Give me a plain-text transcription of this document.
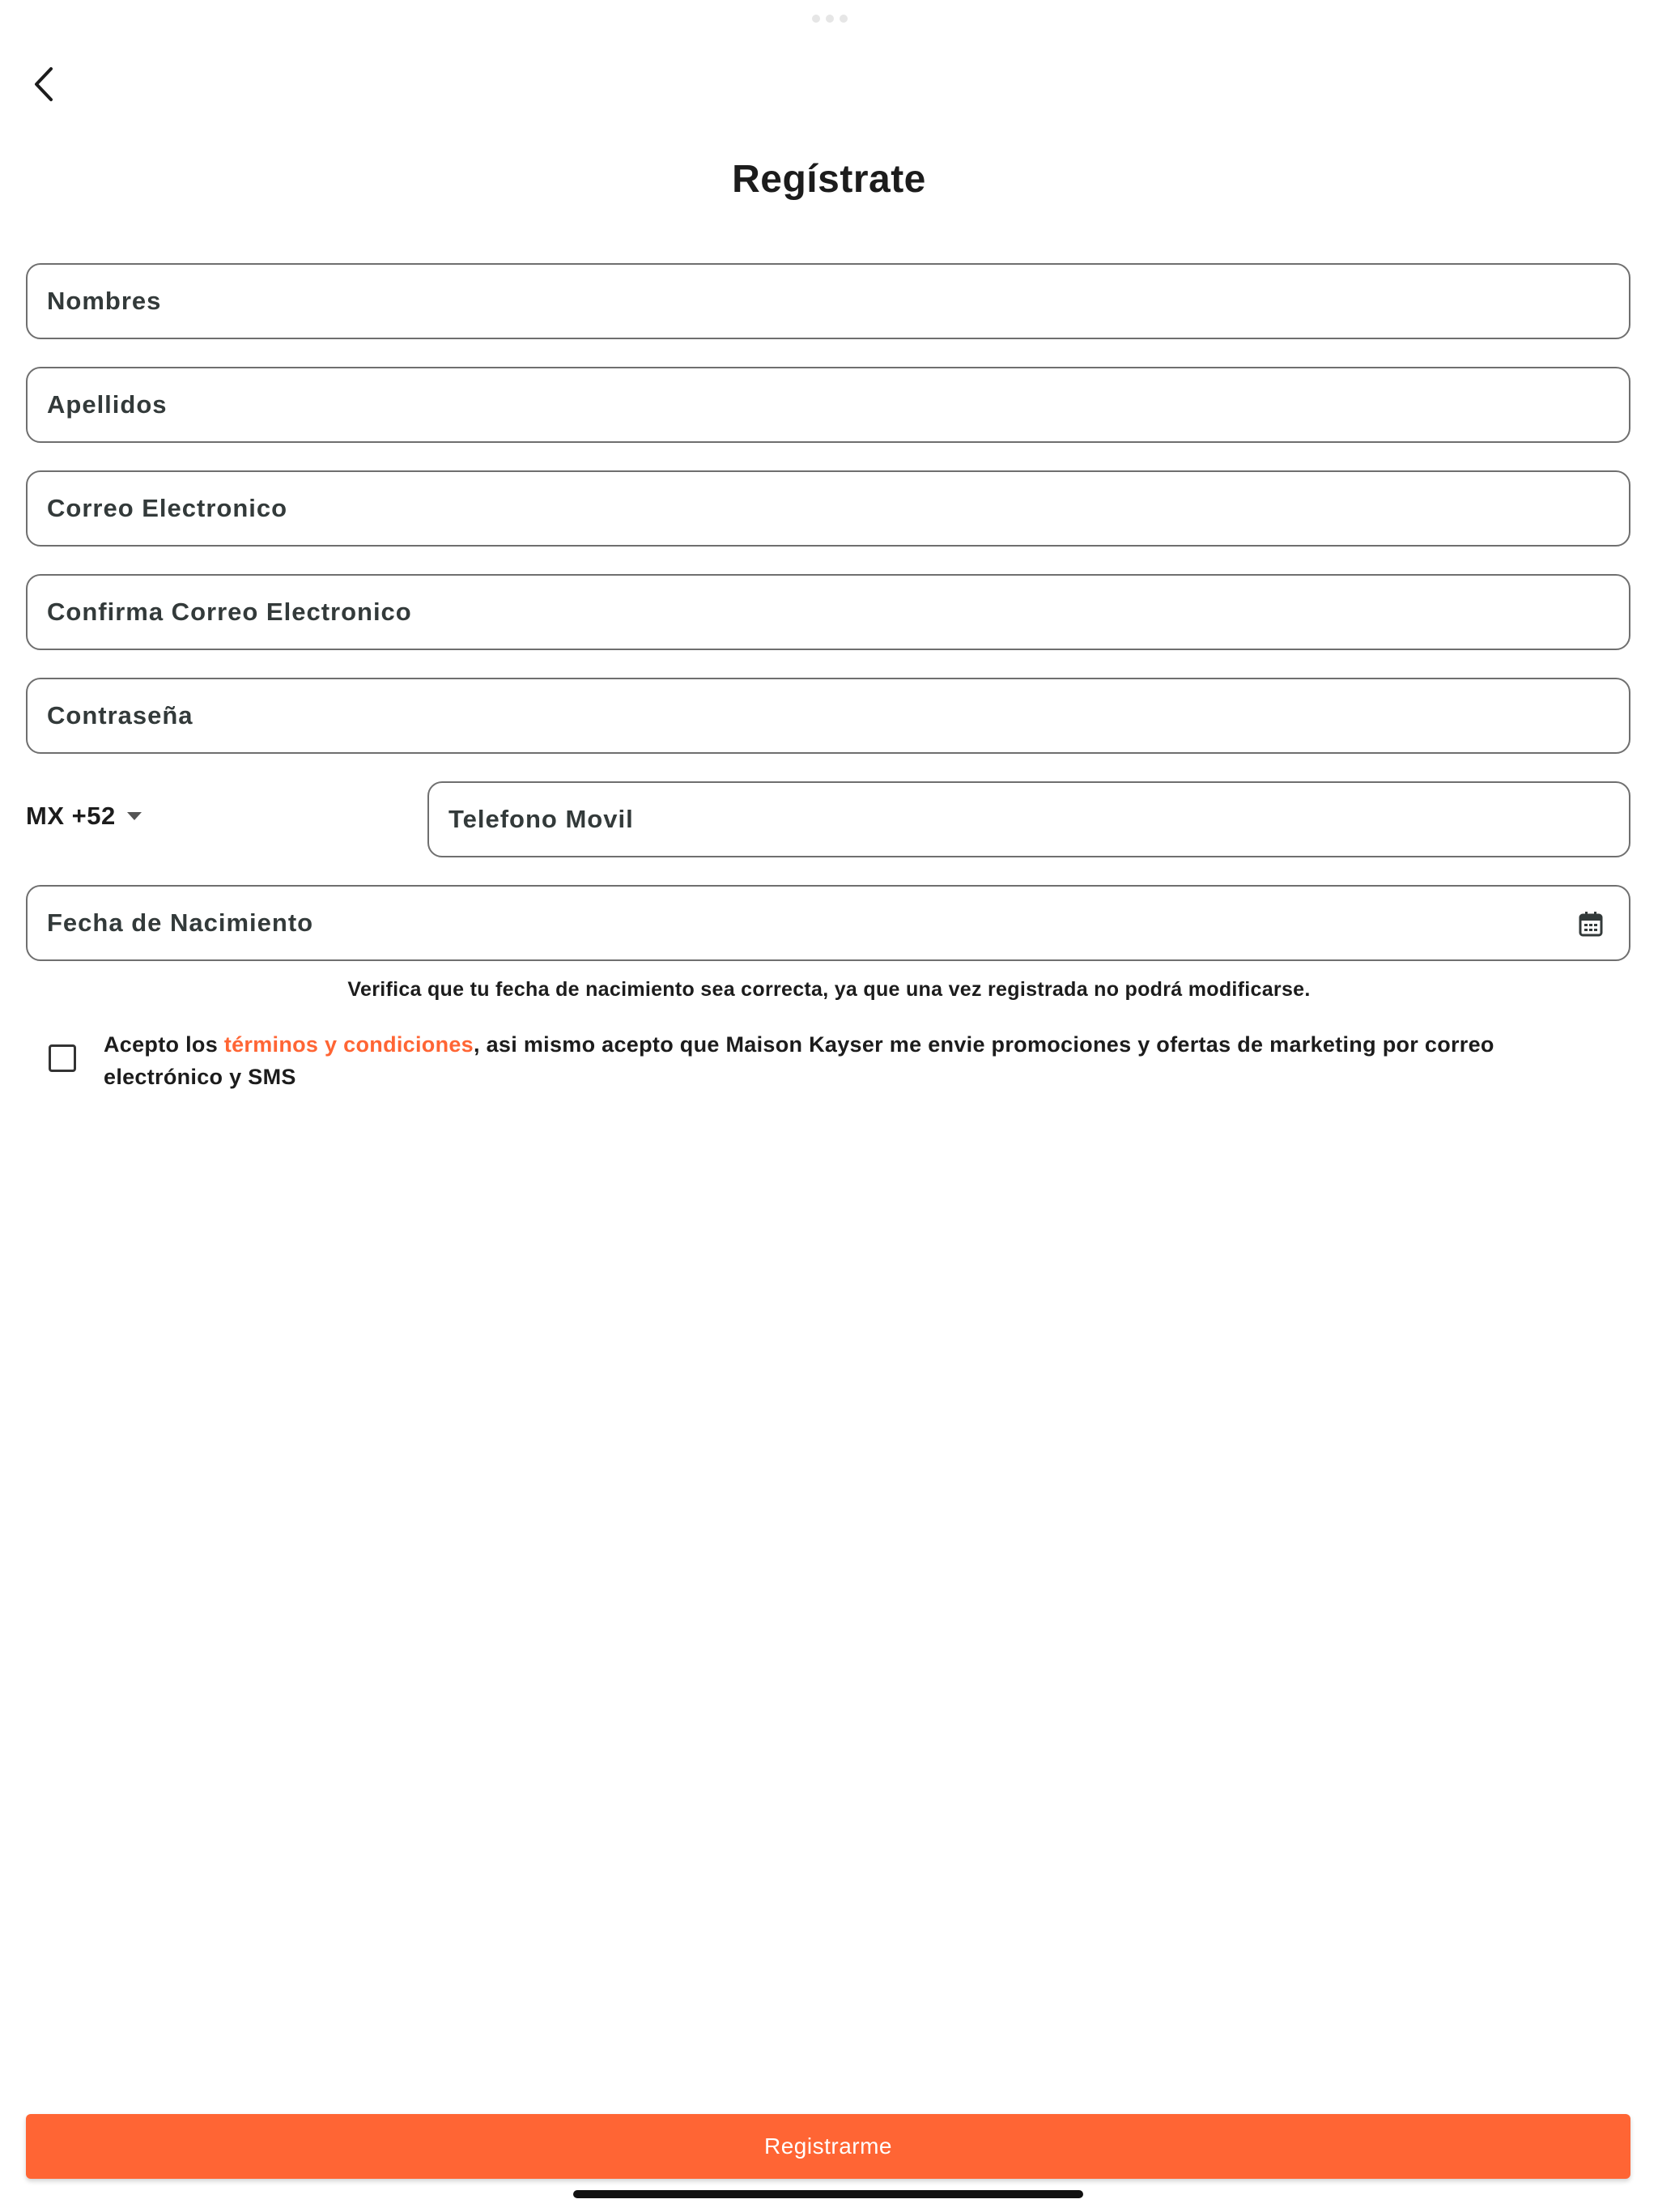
Regístrate
Nombres
Apellidos
Correo Electronico
Confirma Correo Electronico
MX +52
Telefono Movil
Fecha de Nacimiento
Verifica que tu fecha de nacimiento sea correcta, ya que una vez registrada no podrá modificarse.
Acepto los términos y condiciones, asi mismo acepto que Maison Kayser me envie promociones y ofertas de marketing por correo electrónico y SMS
Registrarme
